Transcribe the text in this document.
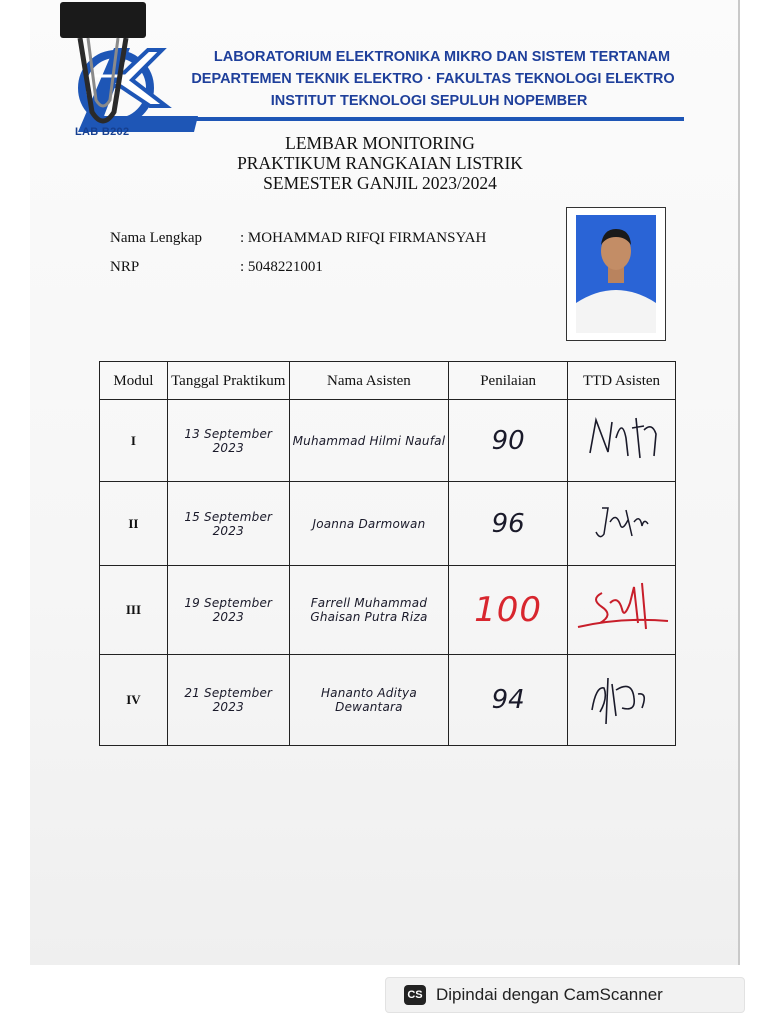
LAB B202
LABORATORIUM ELEKTRONIKA MIKRO DAN SISTEM TERTANAM
DEPARTEMEN TEKNIK ELEKTRO · FAKULTAS TEKNOLOGI ELEKTRO
INSTITUT TEKNOLOGI SEPULUH NOPEMBER
LEMBAR MONITORING
PRAKTIKUM RANGKAIAN LISTRIK
SEMESTER GANJIL 2023/2024
Nama Lengkap	: MOHAMMAD RIFQI FIRMANSYAH
NRP	: 5048221001
Modul	Tanggal Praktikum	Nama Asisten	Penilaian	TTD Asisten
I	13 September 2023	Muhammad Hilmi Naufal	90	
II	15 September 2023	Joanna Darmowan	96	
III	19 September 2023	Farrell Muhammad Ghaisan Putra Riza	100	
IV	21 September 2023	Hananto Aditya Dewantara	94	
CS Dipindai dengan CamScanner
